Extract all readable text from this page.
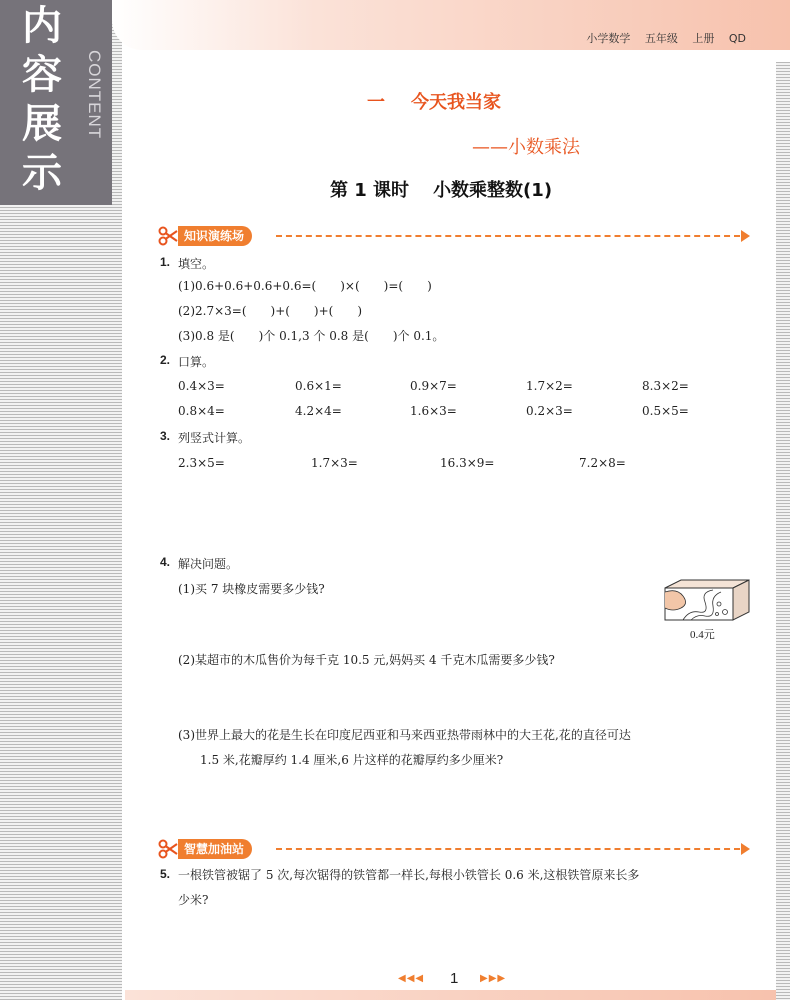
内容展示
CONTENT
小学数学 五年级 上册 QD
一 今天我当家
——小数乘法
第 1 课时 小数乘整数(1)
知识演练场
1. 填空。
(1)0.6+0.6+0.6+0.6=(　　)×(　　)=(　　)
(2)2.7×3=(　　)+(　　)+(　　)
(3)0.8 是(　　)个 0.1,3 个 0.8 是(　　)个 0.1。
2. 口算。
0.4×3=	0.6×1=	0.9×7=	1.7×2=	8.3×2=
0.8×4=	4.2×4=	1.6×3=	0.2×3=	0.5×5=
3. 列竖式计算。
2.3×5=	1.7×3=	16.3×9=	7.2×8=
4. 解决问题。
(1)买 7 块橡皮需要多少钱?
0.4元
(2)某超市的木瓜售价为每千克 10.5 元,妈妈买 4 千克木瓜需要多少钱?
(3)世界上最大的花是生长在印度尼西亚和马来西亚热带雨林中的大王花,花的直径可达
1.5 米,花瓣厚约 1.4 厘米,6 片这样的花瓣厚约多少厘米?
智慧加油站
5. 一根铁管被锯了 5 次,每次锯得的铁管都一样长,每根小铁管长 0.6 米,这根铁管原来长多
少米?
◀◀◀ 1 ▶▶▶
